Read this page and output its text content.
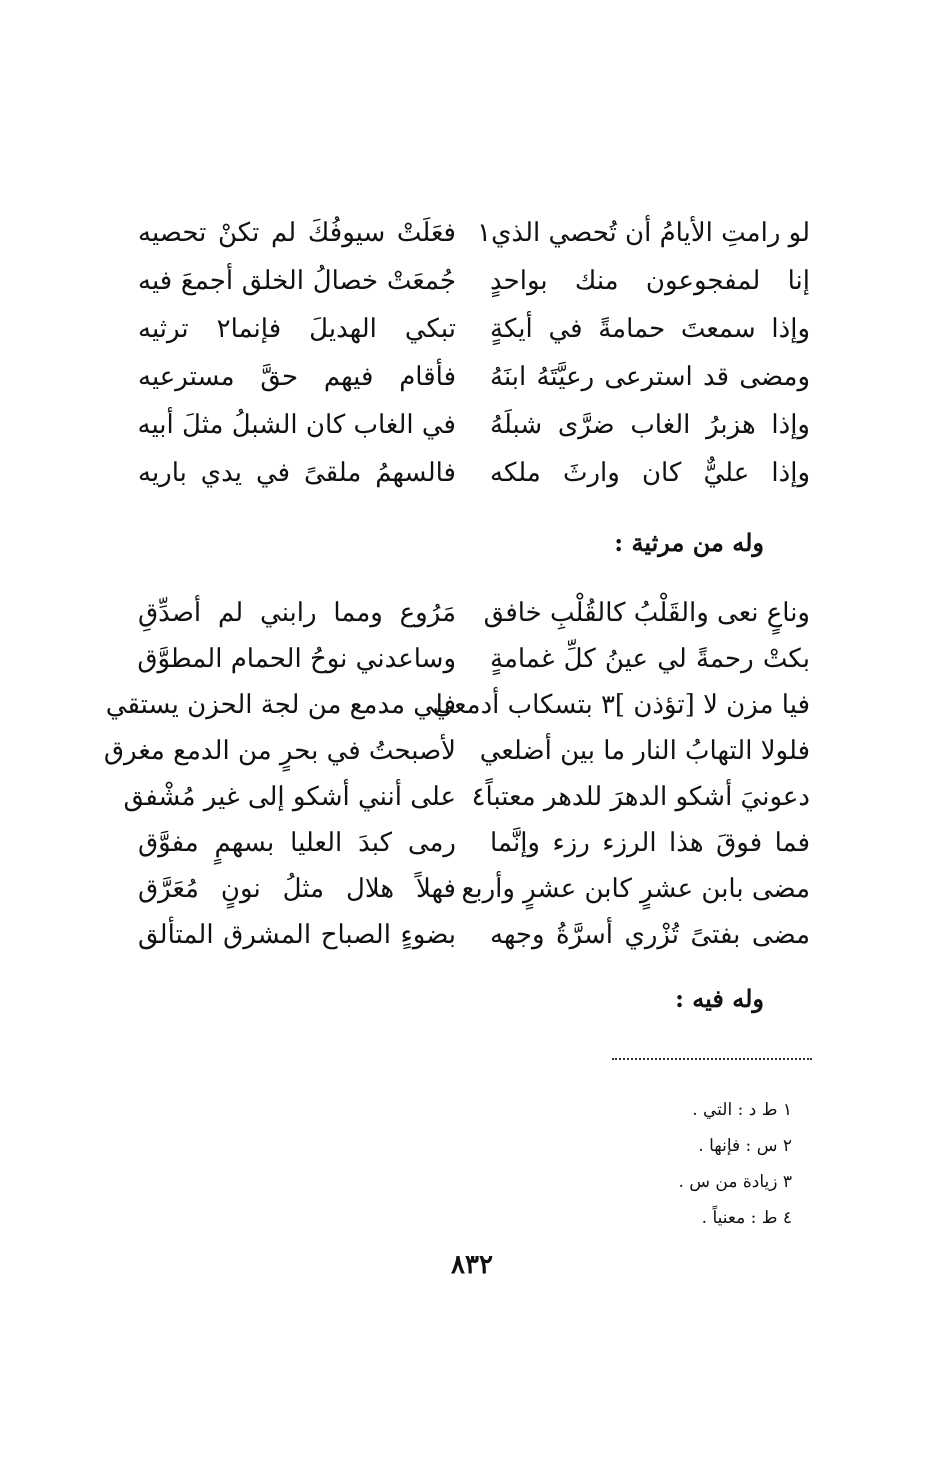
لو رامتِ الأيامُ أن تُحصي الذي١
فعَلَتْ سيوفُكَ لم تكنْ تحصيه
إنا لمفجوعون منك بواحدٍ
جُمعَتْ خصالُ الخلق أجمعَ فيه
وإذا سمعتَ حمامةً في أيكةٍ
تبكي الهديلَ فإنما٢ ترثيه
ومضى قد استرعى رعيَّتَهُ ابنَهُ
فأقام فيهم حقَّ مسترعيه
وإذا هزبرُ الغاب ضرَّى شبلَهُ
في الغاب كان الشبلُ مثلَ أبيه
وإذا عليٌّ كان وارثَ ملكه
فالسهمُ ملقىً في يدي باريه
وله من مرثية :
وناعٍ نعى والقَلْبُ كالقُلْبِ خافق
مَرُوع ومما رابني لم أصدِّقِ
بكتْ رحمةً لي عينُ كلِّ غمامةٍ
وساعدني نوحُ الحمام المطوَّق
فيا مزن لا [تؤذن ]٣ بتسكاب أدمعي
فلي مدمع من لجة الحزن يستقي
فلولا التهابُ النار ما بين أضلعي
لأصبحتُ في بحرٍ من الدمع مغرق
دعونيَ أشكو الدهرَ للدهر معتباً٤
على أنني أشكو إلى غير مُشْفق
فما فوقَ هذا الرزء رزء وإنَّما
رمى كبدَ العليا بسهمٍ مفوَّق
مضى بابن عشرٍ كابن عشرٍ وأربع
فهلاً هلال مثلُ نونٍ مُعَرَّق
مضى بفتىً تُزْري أسرَّةُ وجهه
بضوءٍ الصباح المشرق المتألق
وله فيه :
١ ط د : التي .
٢ س : فإنها .
٣ زيادة من س .
٤ ط : معنياً .
٨٣٢
